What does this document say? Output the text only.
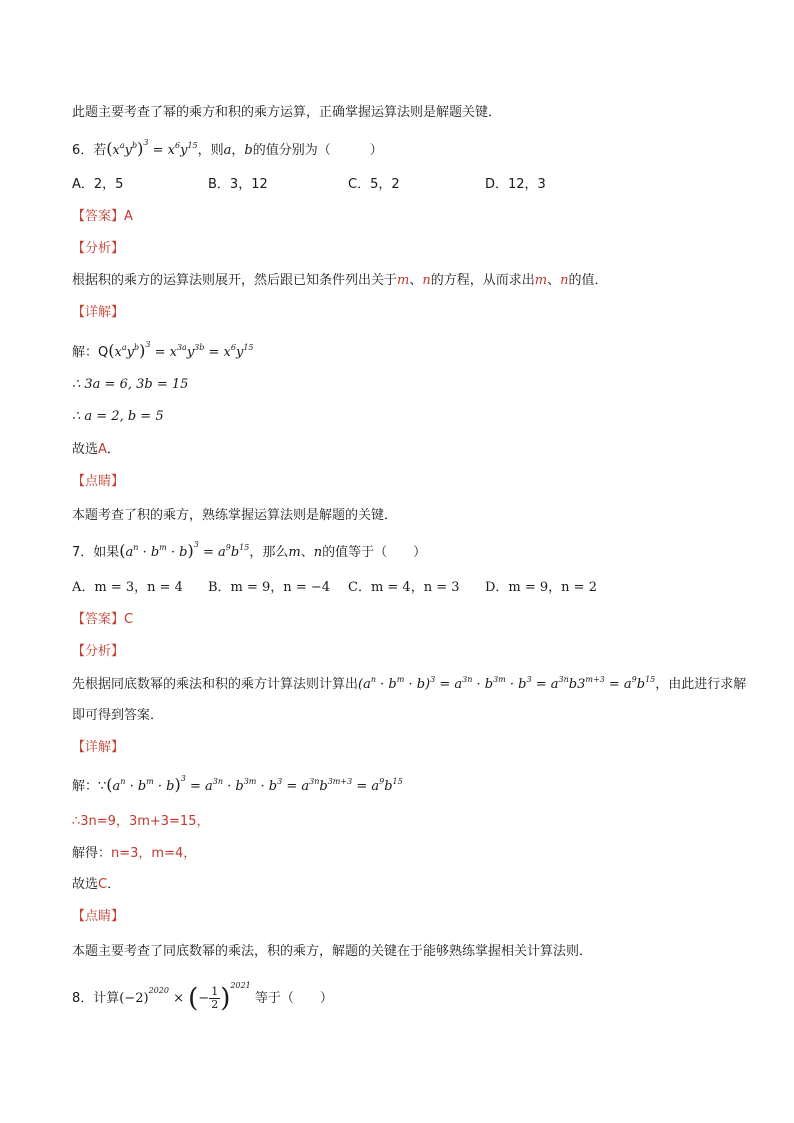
此题主要考查了幂的乘方和积的乘方运算，正确掌握运算法则是解题关键．
6．若$(x^ay^b)^3 = x^6y^{15}$，则a，b的值分别为（　　　）
A．2，5	B．3，12	C．5，2	D．12，3
【答案】A
【分析】
根据积的乘方的运算法则展开，然后跟已知条件列出关于m、n的方程，从而求出m、n的值．
【详解】
解：$Q(x^ay^b)^3 = x^{3a}y^{3b} = x^6y^{15}$
∴ 3a = 6, 3b = 15
∴ a = 2, b = 5
故选A．
【点睛】
本题考查了积的乘方，熟练掌握运算法则是解题的关键．
7．如果$(a^n \cdot b^m \cdot b)^3 = a^9b^{15}$，那么m、n的值等于（　　）
A．m = 3，n = 4 B．m = 9，n = −4 C．m = 4，n = 3 D．m = 9，n = 2
【答案】C
【分析】
先根据同底数幂的乘法和积的乘方计算法则计算出$(a^n \cdot b^m \cdot b)^3 = a^{3n} \cdot b^{3m} \cdot b^3 = a^{3n}b3^{m+3} = a^9b^{15}$，由此进行求解
即可得到答案．
【详解】
解：$\because(a^n \cdot b^m \cdot b)^3 = a^{3n} \cdot b^{3m} \cdot b^3 = a^{3n}b^{3m+3} = a^9b^{15}$
∴3n=9，3m+3=15，
解得：n=3，m=4，
故选C．
【点睛】
本题主要考查了同底数幂的乘法，积的乘方，解题的关键在于能够熟练掌握相关计算法则．
8．计算$(-2)^{2020}$ × (− $\frac{1}{2} )^{2021}$ 等于（　　）
